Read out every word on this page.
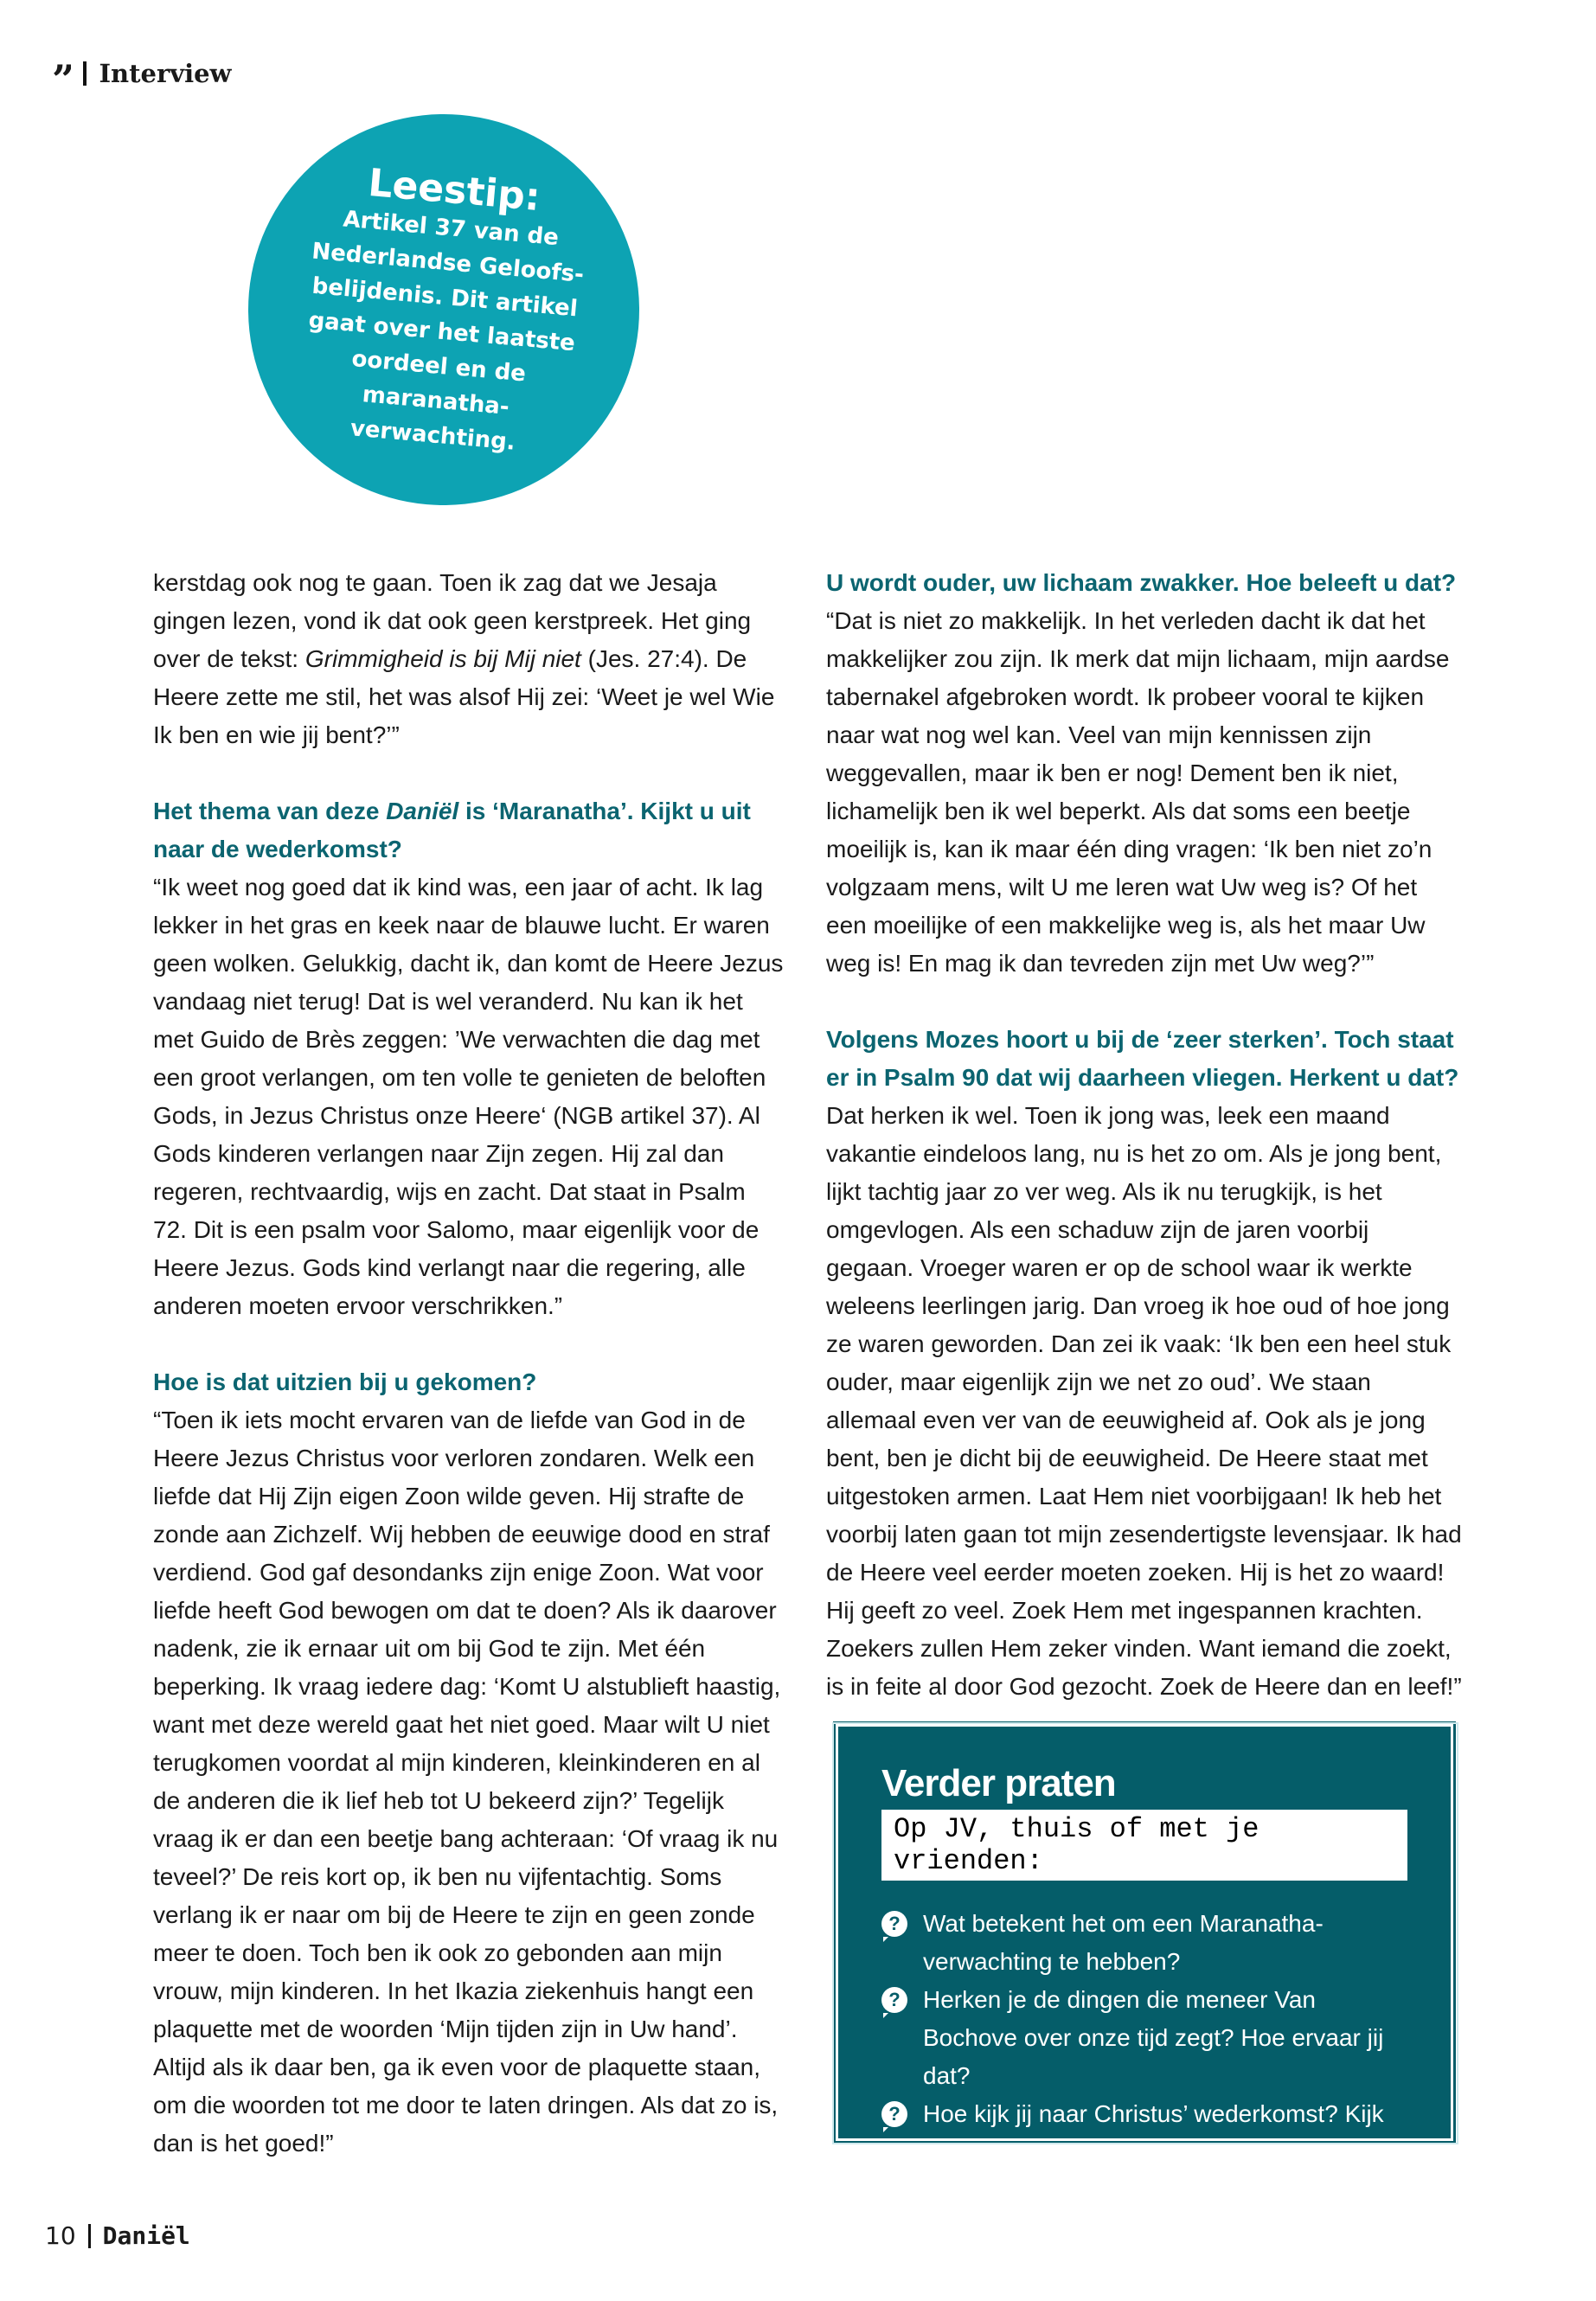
” Interview
Leestip:
Artikel 37 van de Nederlandse Geloofs-belijdenis. Dit artikel gaat over het laatste oordeel en de maranatha-verwachting.

kerstdag ook nog te gaan. Toen ik zag dat we Jesaja gingen lezen, vond ik dat ook geen kerstpreek. Het ging over de tekst: Grimmigheid is bij Mij niet (Jes. 27:4). De Heere zette me stil, het was alsof Hij zei: ‘Weet je wel Wie Ik ben en wie jij bent?’”

Het thema van deze Daniël is ‘Maranatha’. Kijkt u uit naar de wederkomst?

“Ik weet nog goed dat ik kind was, een jaar of acht. Ik lag lekker in het gras en keek naar de blauwe lucht. Er waren geen wolken. Gelukkig, dacht ik, dan komt de Heere Jezus vandaag niet terug! Dat is wel veranderd. Nu kan ik het met Guido de Brès zeggen: ’We verwachten die dag met een groot verlangen, om ten volle te genieten de beloften Gods, in Jezus Christus onze Heere‘ (NGB artikel 37). Al Gods kinderen verlangen naar Zijn zegen. Hij zal dan regeren, rechtvaardig, wijs en zacht. Dat staat in Psalm 72. Dit is een psalm voor Salomo, maar eigenlijk voor de Heere Jezus. Gods kind verlangt naar die regering, alle anderen moeten ervoor verschrikken.”

Hoe is dat uitzien bij u gekomen?

“Toen ik iets mocht ervaren van de liefde van God in de Heere Jezus Christus voor verloren zondaren. Welk een liefde dat Hij Zijn eigen Zoon wilde geven. Hij strafte de zonde aan Zichzelf. Wij hebben de eeuwige dood en straf verdiend. God gaf desondanks zijn enige Zoon. Wat voor liefde heeft God bewogen om dat te doen? Als ik daarover nadenk, zie ik ernaar uit om bij God te zijn. Met één beperking. Ik vraag iedere dag: ‘Komt U alstublieft haastig, want met deze wereld gaat het niet goed. Maar wilt U niet terugkomen voordat al mijn kinderen, kleinkinderen en al de anderen die ik lief heb tot U bekeerd zijn?’ Tegelijk vraag ik er dan een beetje bang achteraan: ‘Of vraag ik nu teveel?’ De reis kort op, ik ben nu vijfentachtig. Soms verlang ik er naar om bij de Heere te zijn en geen zonde meer te doen. Toch ben ik ook zo gebonden aan mijn vrouw, mijn kinderen. In het Ikazia ziekenhuis hangt een plaquette met de woorden ‘Mijn tijden zijn in Uw hand’. Altijd als ik daar ben, ga ik even voor de plaquette staan, om die woorden tot me door te laten dringen. Als dat zo is, dan is het goed!”

U wordt ouder, uw lichaam zwakker. Hoe beleeft u dat?

“Dat is niet zo makkelijk. In het verleden dacht ik dat het makkelijker zou zijn. Ik merk dat mijn lichaam, mijn aardse tabernakel afgebroken wordt. Ik probeer vooral te kijken naar wat nog wel kan. Veel van mijn kennissen zijn weggevallen, maar ik ben er nog! Dement ben ik niet, lichamelijk ben ik wel beperkt. Als dat soms een beetje moeilijk is, kan ik maar één ding vragen: ‘Ik ben niet zo’n volgzaam mens, wilt U me leren wat Uw weg is? Of het een moeilijke of een makkelijke weg is, als het maar Uw weg is! En mag ik dan tevreden zijn met Uw weg?’”

Volgens Mozes hoort u bij de ‘zeer sterken’. Toch staat er in Psalm 90 dat wij daarheen vliegen. Herkent u dat?

Dat herken ik wel. Toen ik jong was, leek een maand vakantie eindeloos lang, nu is het zo om. Als je jong bent, lijkt tachtig jaar zo ver weg. Als ik nu terugkijk, is het omgevlogen. Als een schaduw zijn de jaren voorbij gegaan. Vroeger waren er op de school waar ik werkte weleens leerlingen jarig. Dan vroeg ik hoe oud of hoe jong ze waren geworden. Dan zei ik vaak: ‘Ik ben een heel stuk ouder, maar eigenlijk zijn we net zo oud’. We staan allemaal even ver van de eeuwigheid af. Ook als je jong bent, ben je dicht bij de eeuwigheid. De Heere staat met uitgestoken armen. Laat Hem niet voorbijgaan! Ik heb het voorbij laten gaan tot mijn zesendertigste levensjaar. Ik had de Heere veel eerder moeten zoeken. Hij is het zo waard! Hij geeft zo veel. Zoek Hem met ingespannen krachten. Zoekers zullen Hem zeker vinden. Want iemand die zoekt, is in feite al door God gezocht. Zoek de Heere dan en leef!”

Verder praten
Op JV, thuis of met je vrienden:
? Wat betekent het om een Maranatha-verwachting te hebben?
? Herken je de dingen die meneer Van Bochove over onze tijd zegt? Hoe ervaar jij dat?
? Hoe kijk jij naar Christus’ wederkomst? Kijk je er naar uit of ben je er bang voor?
10 Daniël
